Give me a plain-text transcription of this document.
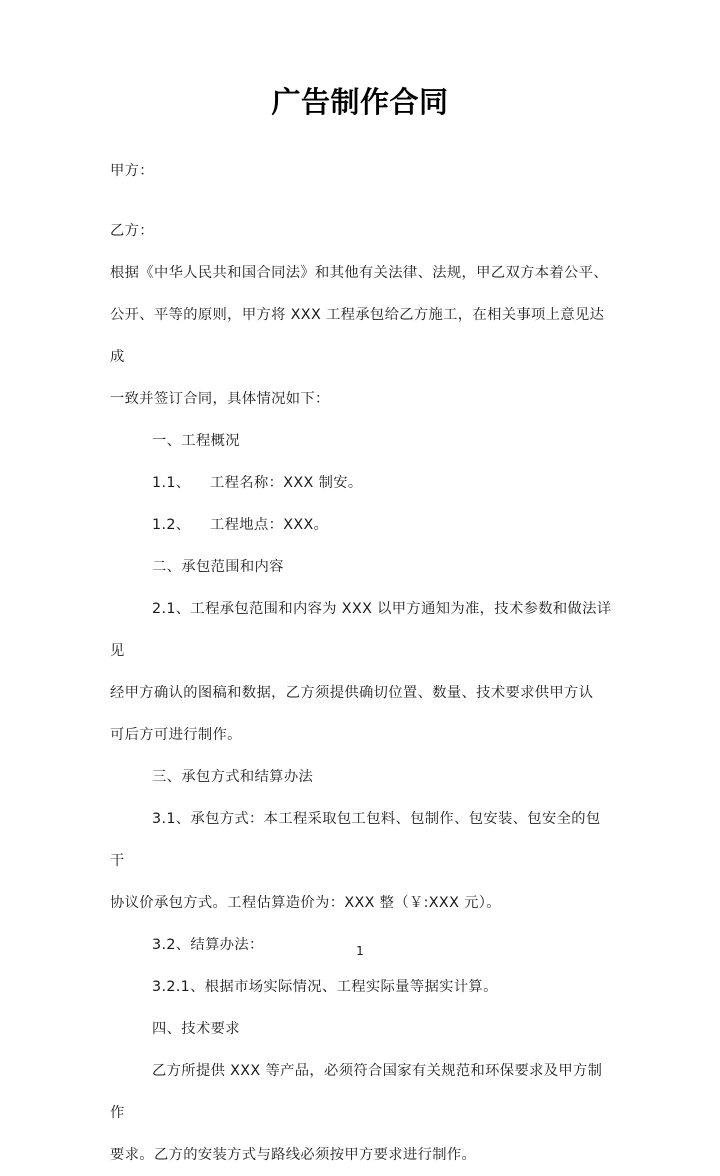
广告制作合同
甲方：
乙方：
根据《中华人民共和国合同法》和其他有关法律、法规，甲乙双方本着公平、
公开、平等的原则，甲方将 XXX 工程承包给乙方施工，在相关事项上意见达成
一致并签订合同，具体情况如下：
一、工程概况
1.1、    工程名称：XXX 制安。
1.2、    工程地点：XXX。
二、承包范围和内容
2.1、工程承包范围和内容为 XXX 以甲方通知为准，技术参数和做法详见
经甲方确认的图稿和数据，乙方须提供确切位置、数量、技术要求供甲方认
可后方可进行制作。
三、承包方式和结算办法
3.1、承包方式：本工程采取包工包料、包制作、包安装、包安全的包干
协议价承包方式。工程估算造价为：XXX 整（￥:XXX 元）。
3.2、结算办法：
3.2.1、根据市场实际情况、工程实际量等据实计算。
四、技术要求
乙方所提供 XXX 等产品，必须符合国家有关规范和环保要求及甲方制作
要求。乙方的安装方式与路线必须按甲方要求进行制作。
1
